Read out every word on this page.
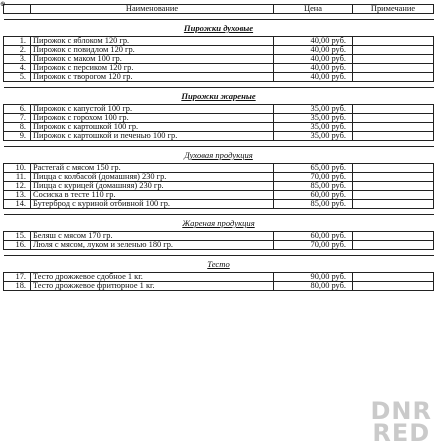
⊕
		Наименование	Цена	Примечание

Пирожки духовые			
1.	Пирожок с яблоком 120 гр.	40,00 руб.	
2.	Пирожок с повидлом 120 гр.	40,00 руб.	
3.	Пирожок с маком 100 гр.	40,00 руб.	
4.	Пирожок с персиком 120 гр.	40,00 руб.	
5.	Пирожок с творогом 120 гр.	40,00 руб.	

Пирожки жареные			
6.	Пирожок с капустой 100 гр.	35,00 руб.	
7.	Пирожок с горохом 100 гр.	35,00 руб.	
8.	Пирожок с картошкой 100 гр.	35,00 руб.	
9.	Пирожок с картошкой и печенью 100 гр.	35,00 руб.	

Духовая продукция			
10.	Растегай с мясом 150 гр.	65,00 руб.	
11.	Пицца с колбасой (домашняя) 230 гр.	70,00 руб.	
12.	Пицца с курицей (домашняя) 230 гр.	85,00 руб.	
13.	Сосиска в тесте 110 гр.	60,00 руб.	
14.	Бутерброд с куриной отбивной 100 гр.	85,00 руб.	

Жареная продукция			
15.	Беляш с мясом 170 гр.	60,00 руб.	
16.	Люля с мясом, луком и зеленью 180 гр.	70,00 руб.	

Тесто			
17.	Тесто дрожжевое сдобное 1 кг.	90,00 руб.	
18.	Тесто дрожжевое фритюрное 1 кг.	80,00 руб.	
DNR
RED
